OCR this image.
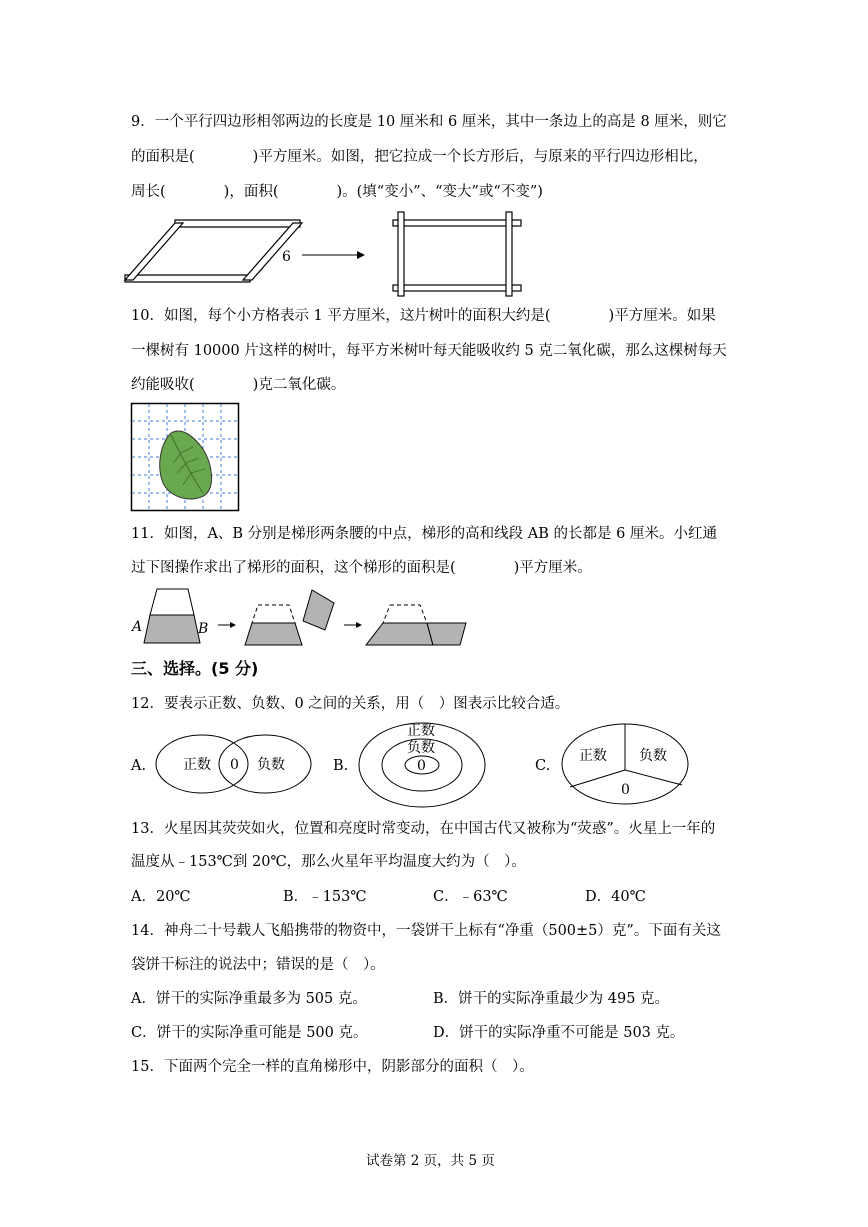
9．一个平行四边形相邻两边的长度是 10 厘米和 6 厘米，其中一条边上的高是 8 厘米，则它
的面积是(　　　　)平方厘米。如图，把它拉成一个长方形后，与原来的平行四边形相比，
周长(　　　　)，面积(　　　　)。(填“变小”、“变大”或“不变”)
6
10．如图，每个小方格表示 1 平方厘米，这片树叶的面积大约是(　　　　)平方厘米。如果
一棵树有 10000 片这样的树叶，每平方米树叶每天能吸收约 5 克二氧化碳，那么这棵树每天
约能吸收(　　　　)克二氧化碳。
11．如图，A、B 分别是梯形两条腰的中点，梯形的高和线段 AB 的长都是 6 厘米。小红通
过下图操作求出了梯形的面积，这个梯形的面积是(　　　　)平方厘米。
A	B
三、选择。(5 分)
12．要表示正数、负数、0 之间的关系，用（　）图表示比较合适。
A.	正数 0 负数	B.
正数
负数
0	C.
正数 负数
0
13．火星因其荧荧如火，位置和亮度时常变动，在中国古代又被称为“荧惑”。火星上一年的
温度从﹣153℃到 20℃，那么火星年平均温度大约为（　）。
A．20℃	B．﹣153℃	C．﹣63℃	D．40℃
14．神舟二十号载人飞船携带的物资中，一袋饼干上标有“净重（500±5）克”。下面有关这
袋饼干标注的说法中；错误的是（　）。
A．饼干的实际净重最多为 505 克。	B．饼干的实际净重最少为 495 克。
C．饼干的实际净重可能是 500 克。	D．饼干的实际净重不可能是 503 克。
15．下面两个完全一样的直角梯形中，阴影部分的面积（　）。
试卷第 2 页，共 5 页
